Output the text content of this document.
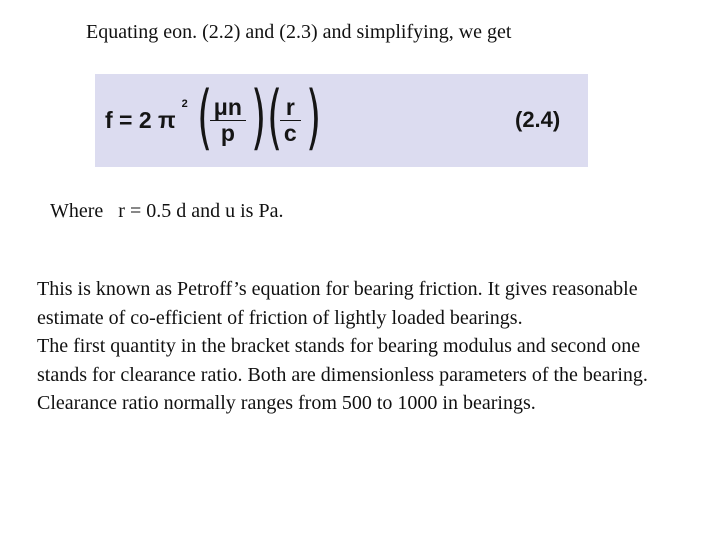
Equating eon. (2.2) and (2.3) and simplifying, we get
f = 2 π
2 (
$\frac{\mu n}{p}$ ) (
$\frac{r}{c}$ )	(2.4)
Where   r = 0.5 d and u is Pa.

This is known as Petroff’s equation for bearing friction. It gives reasonable estimate of co-efficient of friction of lightly loaded bearings.

The first quantity in the bracket stands for bearing modulus and second one stands for clearance ratio. Both are dimensionless parameters of the bearing. Clearance ratio normally ranges from 500 to 1000 in bearings.
